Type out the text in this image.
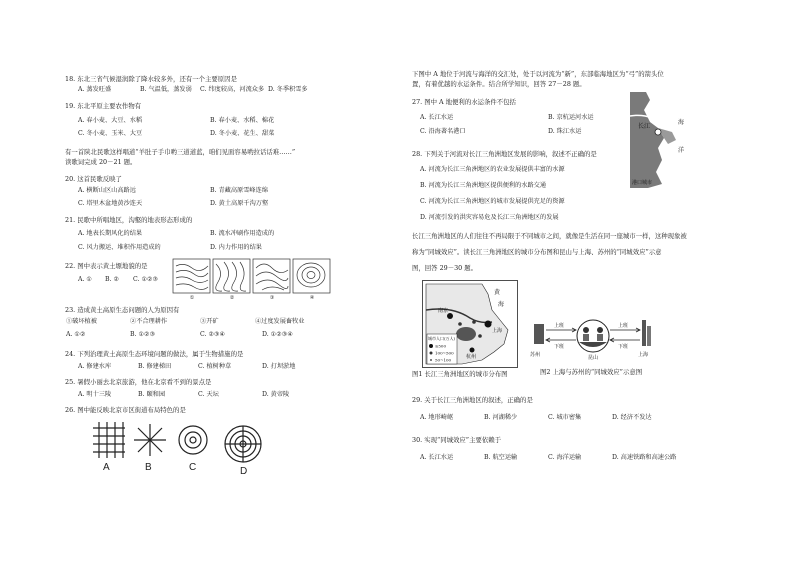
18. 东北三省气候湿润除了降水较多外，还有一个主要原因是
A. 蒸发旺盛	B. 气温低，蒸发弱 C. 纬度较高，河流众多 D. 冬季积雪多
19. 东北平原主要农作物有
A. 春小麦、大豆、水稻	B. 春小麦、水稻、棉花
C. 冬小麦、玉米、大豆	D. 冬小麦、花生、甜菜
有一首陕北民歌这样唱道“羊肚子手巾哟三道道蓝，咱们见面容易哟拉话话难……”
读歌词完成 20－21 题。
20. 这首民歌反映了
A. 横断山区山高路远	B. 青藏高原雪峰连绵
C. 塔里木盆地黄沙连天	D. 黄土高原千沟万壑
21. 民歌中所唱地区，沟壑的地表形态形成的
A. 地表长期风化的结果	B. 流水冲刷作用造成的
C. 风力搬运、堆积作用造成的	D. 内力作用的结果
22. 图中表示黄土塬地貌的是
A. ① B. ② C. ①②③
①	②	③	④
23. 造成黄土高原生态问题的人为原因有
①破坏植被	②不合理耕作	③开矿	④过度发展畜牧业
A. ①②	B. ①②③	C. ②③④	D. ①②③④
24. 下列治理黄土高原生态环境问题的做法，属于生物措施的是
A. 修建水库	B. 修建梯田	C. 植树种草	D. 打坝淤地
25. 暑假小丽去北京旅游，他在北京看不到的景点是
A. 明十三陵	B. 颐和园	C. 天坛	D. 黄帝陵
26. 图中能反映北京市区街道布局特色的是
A	B	C	D
下图中 A 地位于河流与海洋的交汇处，处于以河流为“新”，东部临海地区为“弓”的箭头位
置，有着优越的水运条件。结合所学知识，回答 27－28 题。
27. 图中 A 地便利的水运条件不包括
A. 长江水运	B. 京杭运河水运
C. 沿海著名港口	D. 珠江水运
长江
海
洋
港口城市
28. 下列关于河流对长江三角洲地区发展的影响，叙述不正确的是
A. 河流为长江三角洲地区的农业发展提供丰富的水源
B. 河流为长江三角洲地区提供便利的水路交通
C. 河流为长江三角洲地区的城市发展提供充足的资源
D. 河流引发的洪灾容易危及长江三角洲地区的发展
长江三角洲地区的人们往往不再局限于不同城市之间，就像是生活在同一座城市一样，这种现象被
称为“同城效应”。读长江三角洲地区的城市分布图和昆山与上海、苏州的“同城效应”示意
图，回答 29－30 题。
黄
海
南京
上海
杭州
城市人口(万人)
≥500
100~500
50~100
图1 长江三角洲地区的城市分布图
上班
下班
上班
下班
苏州	昆山	上海
图2 上海与苏州的“同城效应”示意图
29. 关于长江三角洲地区的叙述，正确的是
A. 地形崎岖	B. 河湖稀少	C. 城市密集	D. 经济不发达
30. 实现“同城效应”主要依赖于
A. 长江水运	B. 航空运输	C. 海洋运输	D. 高速铁路和高速公路
